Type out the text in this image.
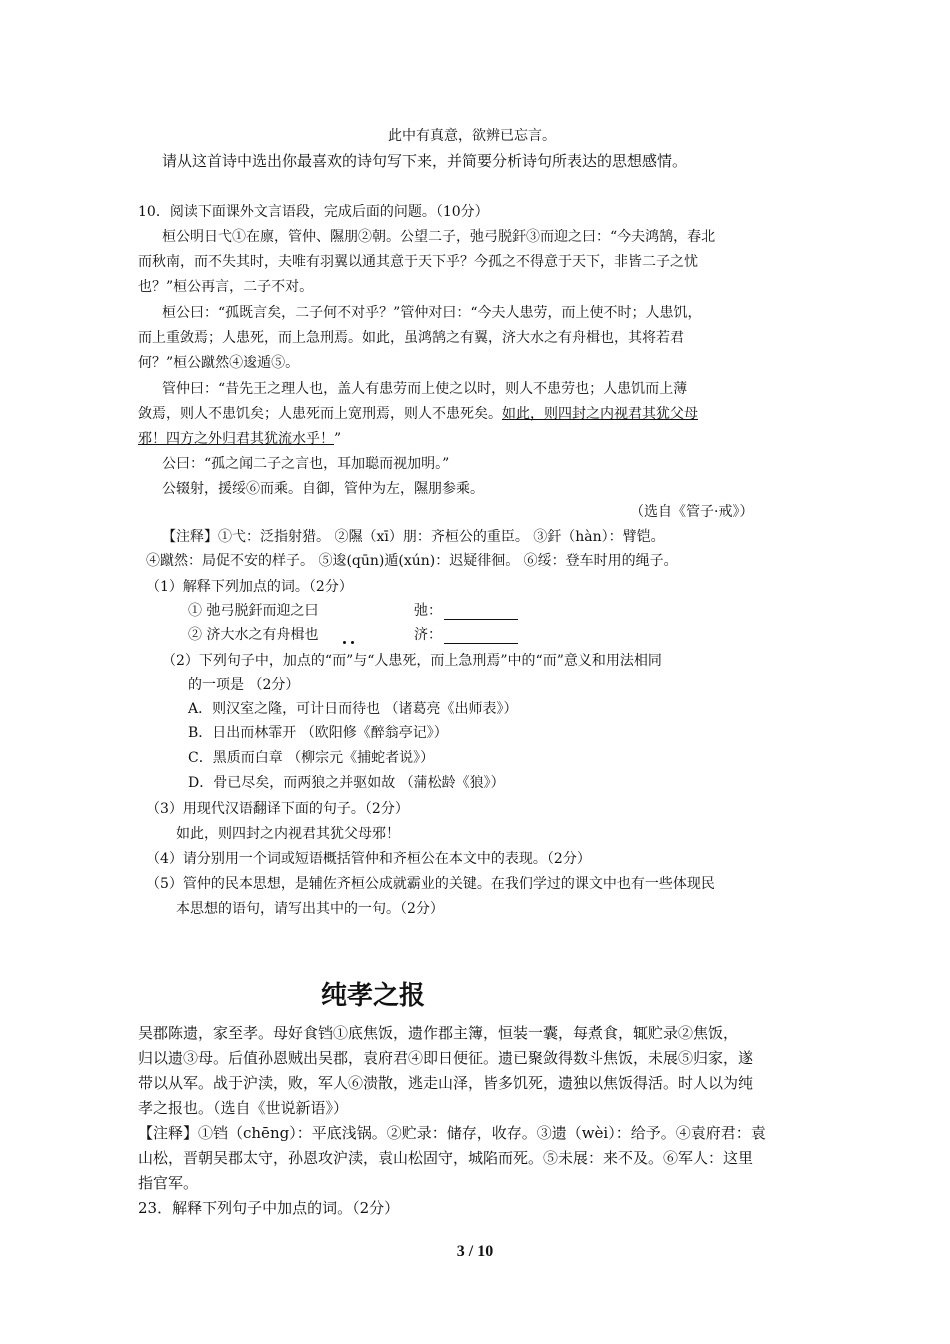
此中有真意，欲辨已忘言。
请从这首诗中选出你最喜欢的诗句写下来，并简要分析诗句所表达的思想感情。
10．阅读下面课外文言语段，完成后面的问题。（10分）
桓公明日弋①在廪，管仲、隰朋②朝。公望二子，弛弓脱釬③而迎之曰：“今夫鸿鹄，春北
而秋南，而不失其时，夫唯有羽翼以通其意于天下乎？今孤之不得意于天下，非皆二子之忧
也？”桓公再言，二子不对。
桓公曰：“孤既言矣，二子何不对乎？”管仲对曰：“今夫人患劳，而上使不时；人患饥，
而上重敛焉；人患死，而上急刑焉。如此，虽鸿鹄之有翼，济大水之有舟楫也，其将若君
何？”桓公蹴然④逡遁⑤。
管仲曰：“昔先王之理人也，盖人有患劳而上使之以时，则人不患劳也；人患饥而上薄
敛焉，则人不患饥矣；人患死而上宽刑焉，则人不患死矣。如此，则四封之内视君其犹父母
邪！四方之外归君其犹流水乎！”
公曰：“孤之闻二子之言也，耳加聪而视加明。”
公辍射，援绥⑥而乘。自御，管仲为左，隰朋参乘。
（选自《管子·戒》）
【注释】①弋：泛指射猎。 ②隰（xī）朋：齐桓公的重臣。 ③釬（hàn）：臂铠。
④蹴然：局促不安的样子。 ⑤逡(qūn)遁(xún)：迟疑徘徊。 ⑥绥：登车时用的绳子。
（1）解释下列加点的词。（2分）
① 弛弓脱釬而迎之曰	弛：
② 济大水之有舟楫也	济：
（2）下列句子中，加点的“而”与“人患死，而上急刑焉”中的“而”意义和用法相同
的一项是 （2分）
A．则汉室之隆，可计日而待也 （诸葛亮《出师表》）
B．日出而林霏开 （欧阳修《醉翁亭记》）
C．黑质而白章 （柳宗元《捕蛇者说》）
D．骨已尽矣，而两狼之并驱如故 （蒲松龄《狼》）
（3）用现代汉语翻译下面的句子。（2分）
如此，则四封之内视君其犹父母邪！
（4）请分别用一个词或短语概括管仲和齐桓公在本文中的表现。（2分）
（5）管仲的民本思想，是辅佐齐桓公成就霸业的关键。在我们学过的课文中也有一些体现民
本思想的语句，请写出其中的一句。（2分）
纯孝之报
吴郡陈遗，家至孝。母好食铛①底焦饭，遗作郡主簿，恒装一囊，每煮食，辄贮录②焦饭，
归以遗③母。后值孙恩贼出吴郡，袁府君④即日便征。遗已聚敛得数斗焦饭，未展⑤归家，遂
带以从军。战于沪渎，败，军人⑥溃散，逃走山泽，皆多饥死，遗独以焦饭得活。时人以为纯
孝之报也。（选自《世说新语》）
【注释】①铛（chēng）：平底浅锅。②贮录：储存，收存。③遗（wèi）：给予。④袁府君：袁
山松，晋朝吴郡太守，孙恩攻沪渎，袁山松固守，城陷而死。⑤未展：来不及。⑥军人：这里
指官军。
23．解释下列句子中加点的词。（2分）
3 / 10
